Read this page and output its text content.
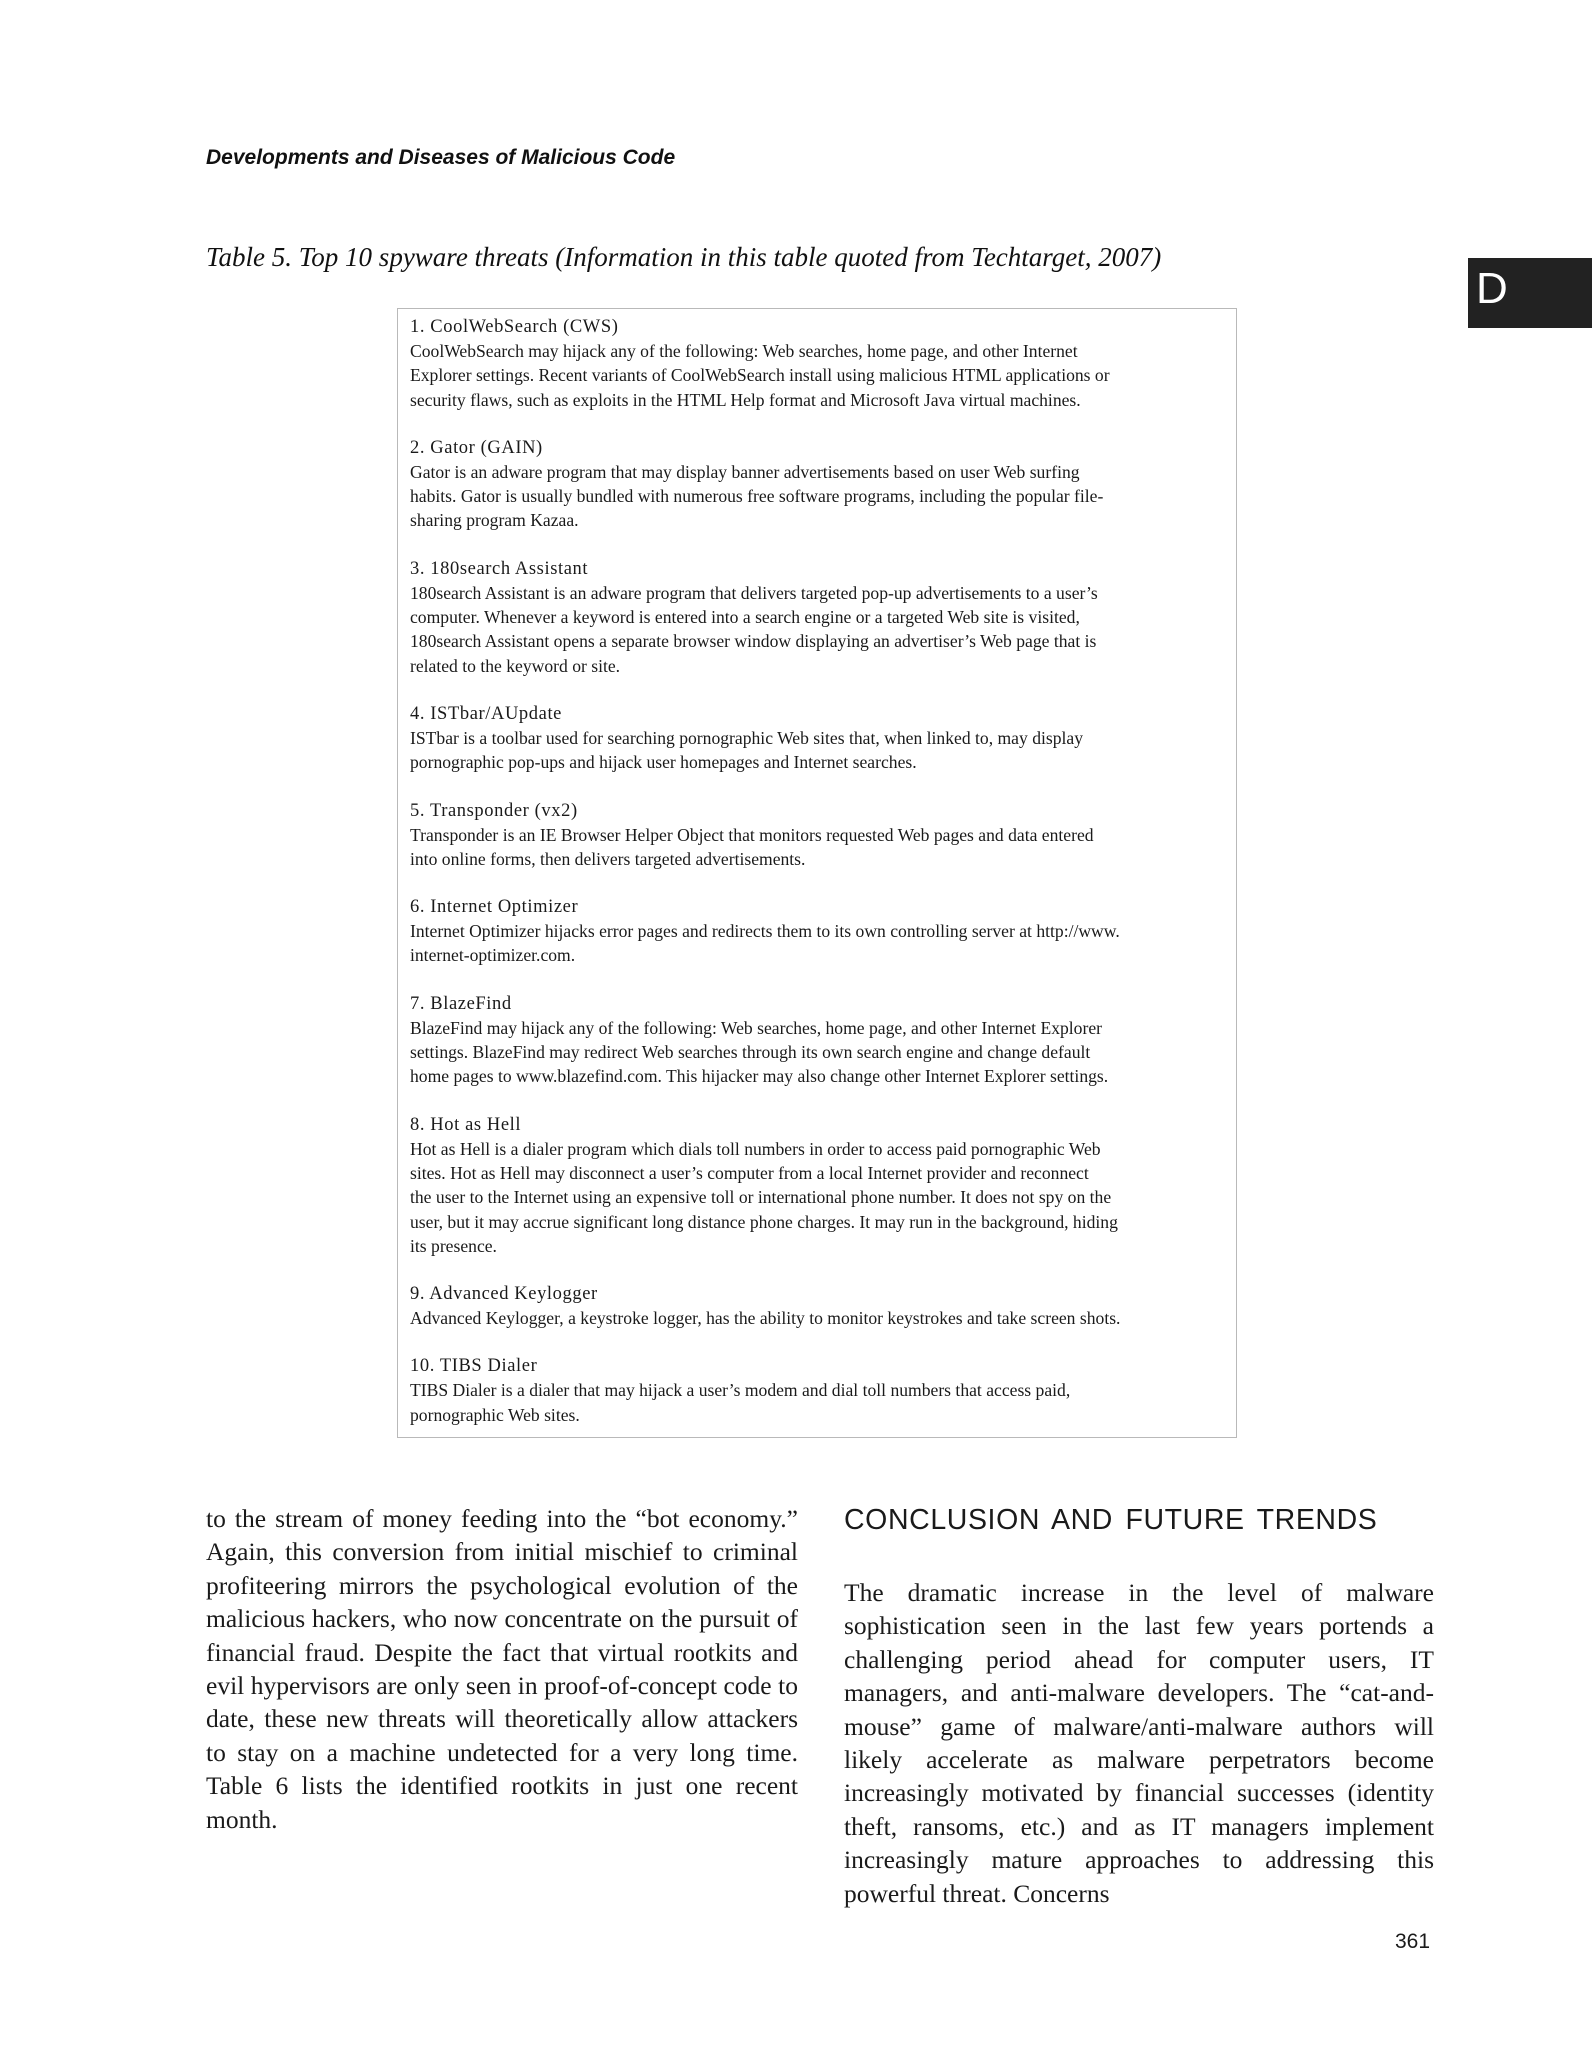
Developments and Diseases of Malicious Code
D
Table 5. Top 10 spyware threats (Information in this table quoted from Techtarget, 2007)
1. CoolWebSearch (CWS)
CoolWebSearch may hijack any of the following: Web searches, home page, and other Internet
Explorer settings. Recent variants of CoolWebSearch install using malicious HTML applications or
security flaws, such as exploits in the HTML Help format and Microsoft Java virtual machines.
2. Gator (GAIN)
Gator is an adware program that may display banner advertisements based on user Web surfing
habits. Gator is usually bundled with numerous free software programs, including the popular file-
sharing program Kazaa.
3. 180search Assistant
180search Assistant is an adware program that delivers targeted pop-up advertisements to a user’s
computer. Whenever a keyword is entered into a search engine or a targeted Web site is visited,
180search Assistant opens a separate browser window displaying an advertiser’s Web page that is
related to the keyword or site.
4. ISTbar/AUpdate
ISTbar is a toolbar used for searching pornographic Web sites that, when linked to, may display
pornographic pop-ups and hijack user homepages and Internet searches.
5. Transponder (vx2)
Transponder is an IE Browser Helper Object that monitors requested Web pages and data entered
into online forms, then delivers targeted advertisements.
6. Internet Optimizer
Internet Optimizer hijacks error pages and redirects them to its own controlling server at http://www.
internet-optimizer.com.
7. BlazeFind
BlazeFind may hijack any of the following: Web searches, home page, and other Internet Explorer
settings. BlazeFind may redirect Web searches through its own search engine and change default
home pages to www.blazefind.com. This hijacker may also change other Internet Explorer settings.
8. Hot as Hell
Hot as Hell is a dialer program which dials toll numbers in order to access paid pornographic Web
sites. Hot as Hell may disconnect a user’s computer from a local Internet provider and reconnect
the user to the Internet using an expensive toll or international phone number. It does not spy on the
user, but it may accrue significant long distance phone charges. It may run in the background, hiding
its presence.
9. Advanced Keylogger
Advanced Keylogger, a keystroke logger, has the ability to monitor keystrokes and take screen shots.
10. TIBS Dialer
TIBS Dialer is a dialer that may hijack a user’s modem and dial toll numbers that access paid,
pornographic Web sites.

to the stream of money feeding into the “bot economy.” Again, this conversion from initial mischief to criminal profiteering mirrors the psychological evolution of the malicious hackers, who now concentrate on the pursuit of financial fraud. Despite the fact that virtual rootkits and evil hypervisors are only seen in proof-of-concept code to date, these new threats will theoretically allow attackers to stay on a machine undetected for a very long time. Table 6 lists the identified rootkits in just one recent month.

CONCLUSION AND FUTURE TRENDS

The dramatic increase in the level of malware sophistication seen in the last few years portends a challenging period ahead for computer users, IT managers, and anti-malware developers. The “cat-and-mouse” game of malware/anti-malware authors will likely accelerate as malware perpetrators become increasingly motivated by financial successes (identity theft, ransoms, etc.) and as IT managers implement increasingly mature approaches to addressing this powerful threat. Concerns

361
